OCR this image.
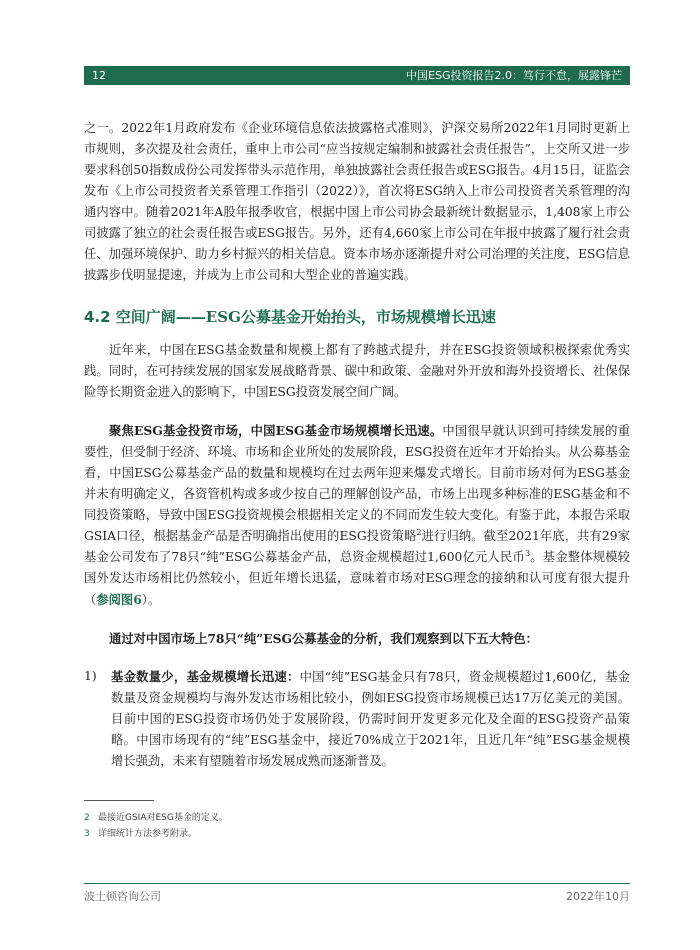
12	中国ESG投资报告2.0：笃行不怠，展露锋芒

之一。2022年1月政府发布《企业环境信息依法披露格式准则》，沪深交易所2022年1月同时更新上市规则，多次提及社会责任，重申上市公司“应当按规定编制和披露社会责任报告”，上交所又进一步要求科创50指数成份公司发挥带头示范作用，单独披露社会责任报告或ESG报告。4月15日，证监会发布《上市公司投资者关系管理工作指引（2022）》，首次将ESG纳入上市公司投资者关系管理的沟通内容中。随着2021年A股年报季收官，根据中国上市公司协会最新统计数据显示，1,408家上市公司披露了独立的社会责任报告或ESG报告。另外，还有4,660家上市公司在年报中披露了履行社会责任、加强环境保护、助力乡村振兴的相关信息。资本市场亦逐渐提升对公司治理的关注度，ESG信息披露步伐明显提速，并成为上市公司和大型企业的普遍实践。

4.2 空间广阔——ESG公募基金开始抬头，市场规模增长迅速

近年来，中国在ESG基金数量和规模上都有了跨越式提升，并在ESG投资领域积极探索优秀实践。同时，在可持续发展的国家发展战略背景、碳中和政策、金融对外开放和海外投资增长、社保保险等长期资金进入的影响下，中国ESG投资发展空间广阔。

聚焦ESG基金投资市场，中国ESG基金市场规模增长迅速。中国很早就认识到可持续发展的重要性，但受制于经济、环境、市场和企业所处的发展阶段，ESG投资在近年才开始抬头。从公募基金看，中国ESG公募基金产品的数量和规模均在过去两年迎来爆发式增长。目前市场对何为ESG基金并未有明确定义，各资管机构或多或少按自己的理解创设产品，市场上出现多种标准的ESG基金和不同投资策略，导致中国ESG投资规模会根据相关定义的不同而发生较大变化。有鉴于此，本报告采取GSIA口径，根据基金产品是否明确指出使用的ESG投资策略$^2$进行归纳。截至2021年底，共有29家基金公司发布了78只“纯”ESG公募基金产品，总资金规模超过1,600亿元人民币$^3$。基金整体规模较国外发达市场相比仍然较小，但近年增长迅猛，意味着市场对ESG理念的接纳和认可度有很大提升（参阅图6）。

通过对中国市场上78只“纯”ESG公募基金的分析，我们观察到以下五大特色：

1) 基金数量少，基金规模增长迅速：中国“纯”ESG基金只有78只，资金规模超过1,600亿，基金数量及资金规模均与海外发达市场相比较小，例如ESG投资市场规模已达17万亿美元的美国。目前中国的ESG投资市场仍处于发展阶段，仍需时间开发更多元化及全面的ESG投资产品策略。中国市场现有的“纯”ESG基金中，接近70%成立于2021年，且近几年“纯”ESG基金规模增长强劲，未来有望随着市场发展成熟而逐渐普及。

2 最接近GSIA对ESG基金的定义。
3 详细统计方法参考附录。
波士顿咨询公司	2022年10月
